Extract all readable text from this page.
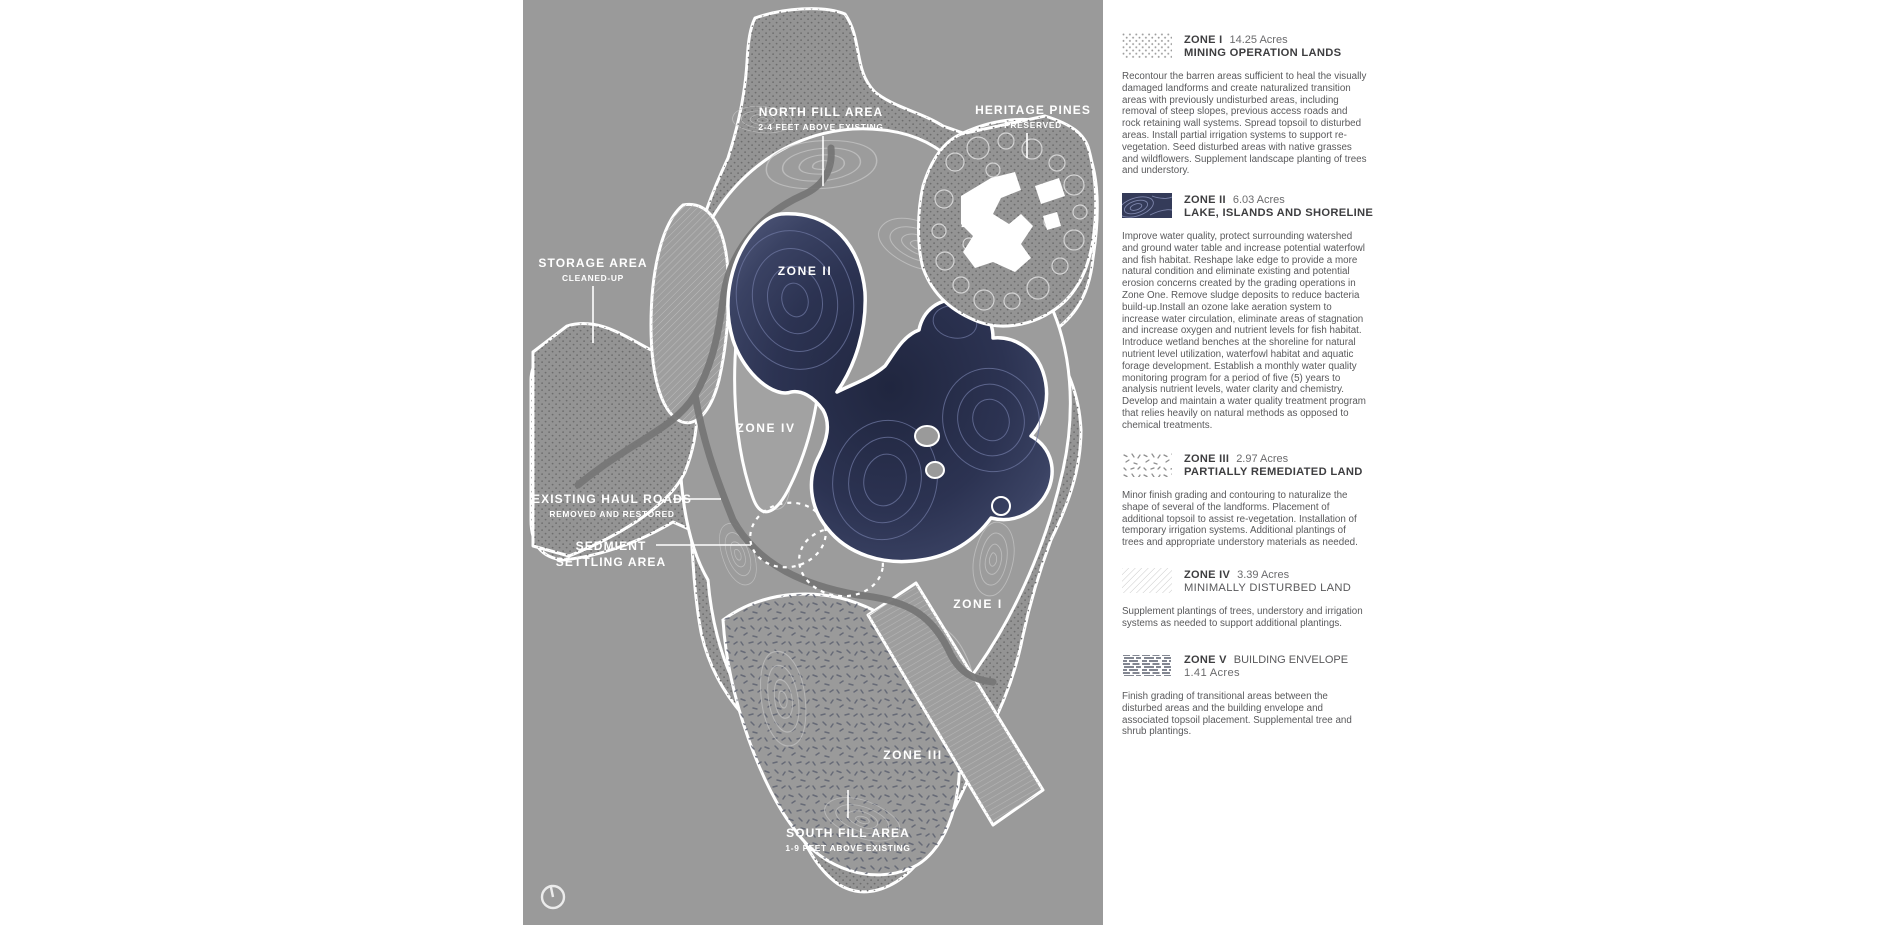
NORTH FILL AREA
2-4 FEET ABOVE EXISTING
HERITAGE PINES
PRESERVED
STORAGE AREA
CLEANED-UP	ZONE II
ZONE
V
ZONE IV
EXISTING HAUL ROADS
REMOVED AND RESTORED
SEDMIENT
SETTLING AREA
ZONE I
ZONE III
SOUTH FILL AREA
1-9 FEET ABOVE EXISTING
ZONE I 14.25 Acres
MINING OPERATION LANDS
Recontour the barren areas sufficient to heal the visually damaged landforms and create naturalized transition areas with previously undisturbed areas, including removal of steep slopes, previous access roads and rock retaining wall systems. Spread topsoil to disturbed areas. Install partial irrigation systems to support re-vegetation. Seed disturbed areas with native grasses and wildflowers. Supplement landscape planting of trees and understory.
ZONE II 6.03 Acres
LAKE, ISLANDS AND SHORELINE
Improve water quality, protect surrounding watershed and ground water table and increase potential waterfowl and fish habitat. Reshape lake edge to provide a more natural condition and eliminate existing and potential erosion concerns created by the grading operations in Zone One. Remove sludge deposits to reduce bacteria build-up.Install an ozone lake aeration system to increase water circulation, eliminate areas of stagnation and increase oxygen and nutrient levels for fish habitat. Introduce wetland benches at the shoreline for natural nutrient level utilization, waterfowl habitat and aquatic forage development. Establish a monthly water quality monitoring program for a period of five (5) years to analysis nutrient levels, water clarity and chemistry. Develop and maintain a water quality treatment program that relies heavily on natural methods as opposed to chemical treatments.
ZONE III 2.97 Acres
PARTIALLY REMEDIATED LAND
Minor finish grading and contouring to naturalize the shape of several of the landforms. Placement of additional topsoil to assist re-vegetation. Installation of temporary irrigation systems. Additional plantings of trees and appropriate understory materials as needed.
ZONE IV 3.39 Acres
MINIMALLY DISTURBED LAND
Supplement plantings of trees, understory and irrigation systems as needed to support additional plantings.
ZONE V BUILDING ENVELOPE
1.41 Acres
Finish grading of transitional areas between the disturbed areas and the building envelope and associated topsoil placement. Supplemental tree and shrub plantings.
